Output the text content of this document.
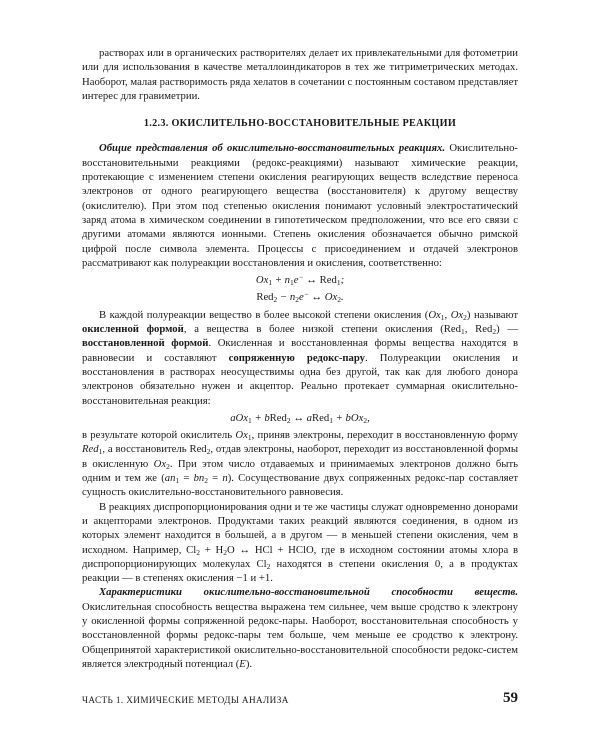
растворах или в органических растворителях делает их привлекательными для фотометрии или для использования в качестве металлоиндикаторов в тех же титриметрических методах. Наоборот, малая растворимость ряда хелатов в сочетании с постоянным составом представляет интерес для гравиметрии.

1.2.3. ОКИСЛИТЕЛЬНО-ВОССТАНОВИТЕЛЬНЫЕ РЕАКЦИИ

Общие представления об окислительно-восстановительных реакциях. Окислительно-восстановительными реакциями (редокс-реакциями) называют химические реакции, протекающие с изменением степени окисления реагирующих веществ вследствие переноса электронов от одного реагирующего вещества (восстановителя) к другому веществу (окислителю). При этом под степенью окисления понимают условный электростатический заряд атома в химическом соединении в гипотетическом предположении, что все его связи с другими атомами являются ионными. Степень окисления обозначается обычно римской цифрой после символа элемента. Процессы с присоединением и отдачей электронов рассматривают как полуреакции восстановления и окисления, соответственно:

$Ox_1 + n_1e^-$ ↔ Red$_1$;
$Red_2 - n_2e^-$ ↔ $Ox_2$.

В каждой полуреакции вещество в более высокой степени окисления ($Ox_1$, $Ox_2$) называют окисленной формой, а вещества в более низкой степени окисления (Red$_1$, Red$_2$) — восстановленной формой. Окисленная и восстановленная формы вещества находятся в равновесии и составляют сопряженную редокс-пару. Полуреакции окисления и восстановления в растворах неосуществимы одна без другой, так как для любого донора электронов обязательно нужен и акцептор. Реально протекает суммарная окислительно-восстановительная реакция:

aOx$_1$ + bRed$_2$ ↔ aRed$_1$ + bOx$_2$,

в результате которой окислитель $Ox_1$, приняв электроны, переходит в восстановленную форму Red$_1$, а восстановитель Red$_2$, отдав электроны, наоборот, переходит из восстановленной формы в окисленную $Ox_2$. При этом число отдаваемых и принимаемых электронов должно быть одним и тем же $(an_1 = bn_2 = n)$. Сосуществование двух сопряженных редокс-пар составляет сущность окислительно-восстановительного равновесия.

В реакциях диспропорционирования одни и те же частицы служат одновременно донорами и акцепторами электронов. Продуктами таких реакций являются соединения, в одном из которых элемент находится в большей, а в другом — в меньшей степени окисления, чем в исходном. Например, $Cl_2 + H_2O$ ↔ HCl + HClO, где в исходном состоянии атомы хлора в диспропорционирующих молекулах $Cl_2$ находятся в степени окисления 0, а в продуктах реакции — в степенях окисления −1 и +1.

Характеристики окислительно-восстановительной способности веществ. Окислительная способность вещества выражена тем сильнее, чем выше сродство к электрону у окисленной формы сопряженной редокс-пары. Наоборот, восстановительная способность у восстановленной формы редокс-пары тем больше, чем меньше ее сродство к электрону. Общепринятой характеристикой окислительно-восстановительной способности редокс-систем является электродный потенциал (E).

ЧАСТЬ 1. ХИМИЧЕСКИЕ МЕТОДЫ АНАЛИЗА	59
